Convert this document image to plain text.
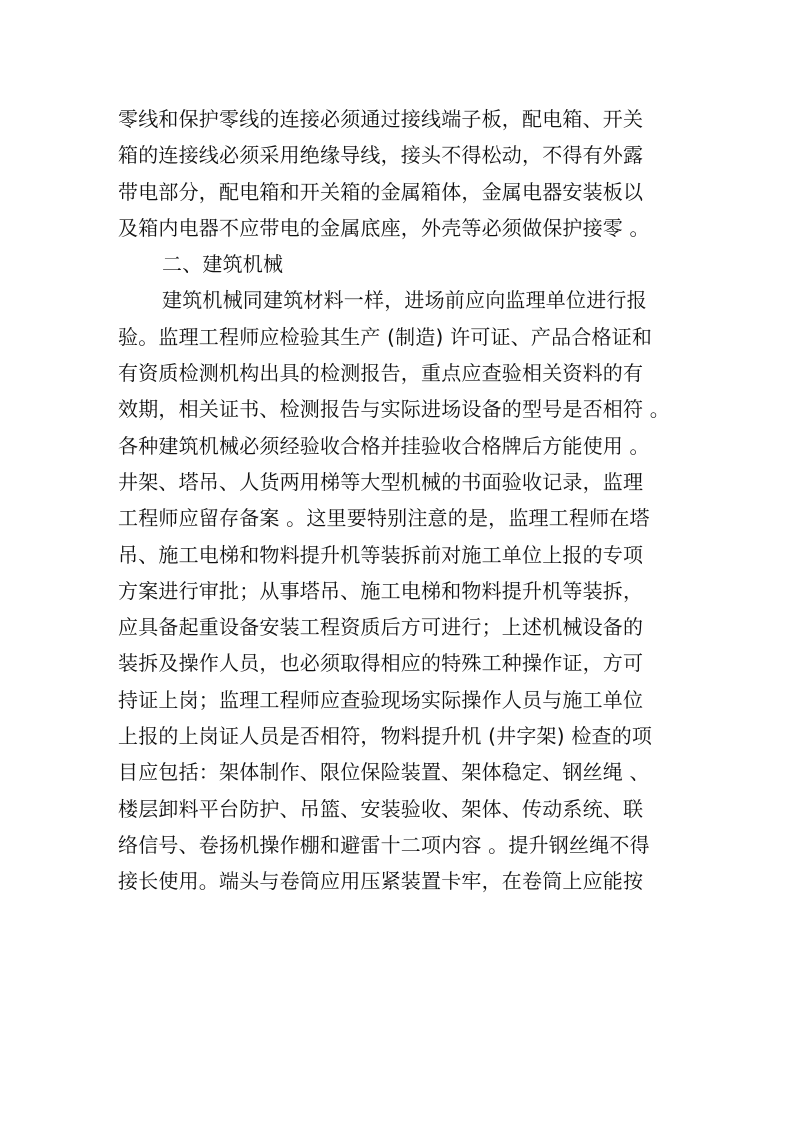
零线和保护零线的连接必须通过接线端子板，配电箱、开关
箱的连接线必须采用绝缘导线，接头不得松动，不得有外露
带电部分，配电箱和开关箱的金属箱体，金属电器安装板以
及箱内电器不应带电的金属底座，外壳等必须做保护接零 。
二、建筑机械
建筑机械同建筑材料一样，进场前应向监理单位进行报
验。监理工程师应检验其生产 (制造) 许可证、产品合格证和
有资质检测机构出具的检测报告，重点应查验相关资料的有
效期，相关证书、检测报告与实际进场设备的型号是否相符 。
各种建筑机械必须经验收合格并挂验收合格牌后方能使用 。
井架、塔吊、人货两用梯等大型机械的书面验收记录，监理
工程师应留存备案 。这里要特别注意的是，监理工程师在塔
吊、施工电梯和物料提升机等装拆前对施工单位上报的专项
方案进行审批；从事塔吊、施工电梯和物料提升机等装拆，
应具备起重设备安装工程资质后方可进行；上述机械设备的
装拆及操作人员，也必须取得相应的特殊工种操作证，方可
持证上岗；监理工程师应查验现场实际操作人员与施工单位
上报的上岗证人员是否相符，物料提升机 (井字架) 检查的项
目应包括：架体制作、限位保险装置、架体稳定、钢丝绳 、
楼层卸料平台防护、吊篮、安装验收、架体、传动系统、联
络信号、卷扬机操作棚和避雷十二项内容 。提升钢丝绳不得
接长使用。端头与卷筒应用压紧装置卡牢，在卷筒上应能按
